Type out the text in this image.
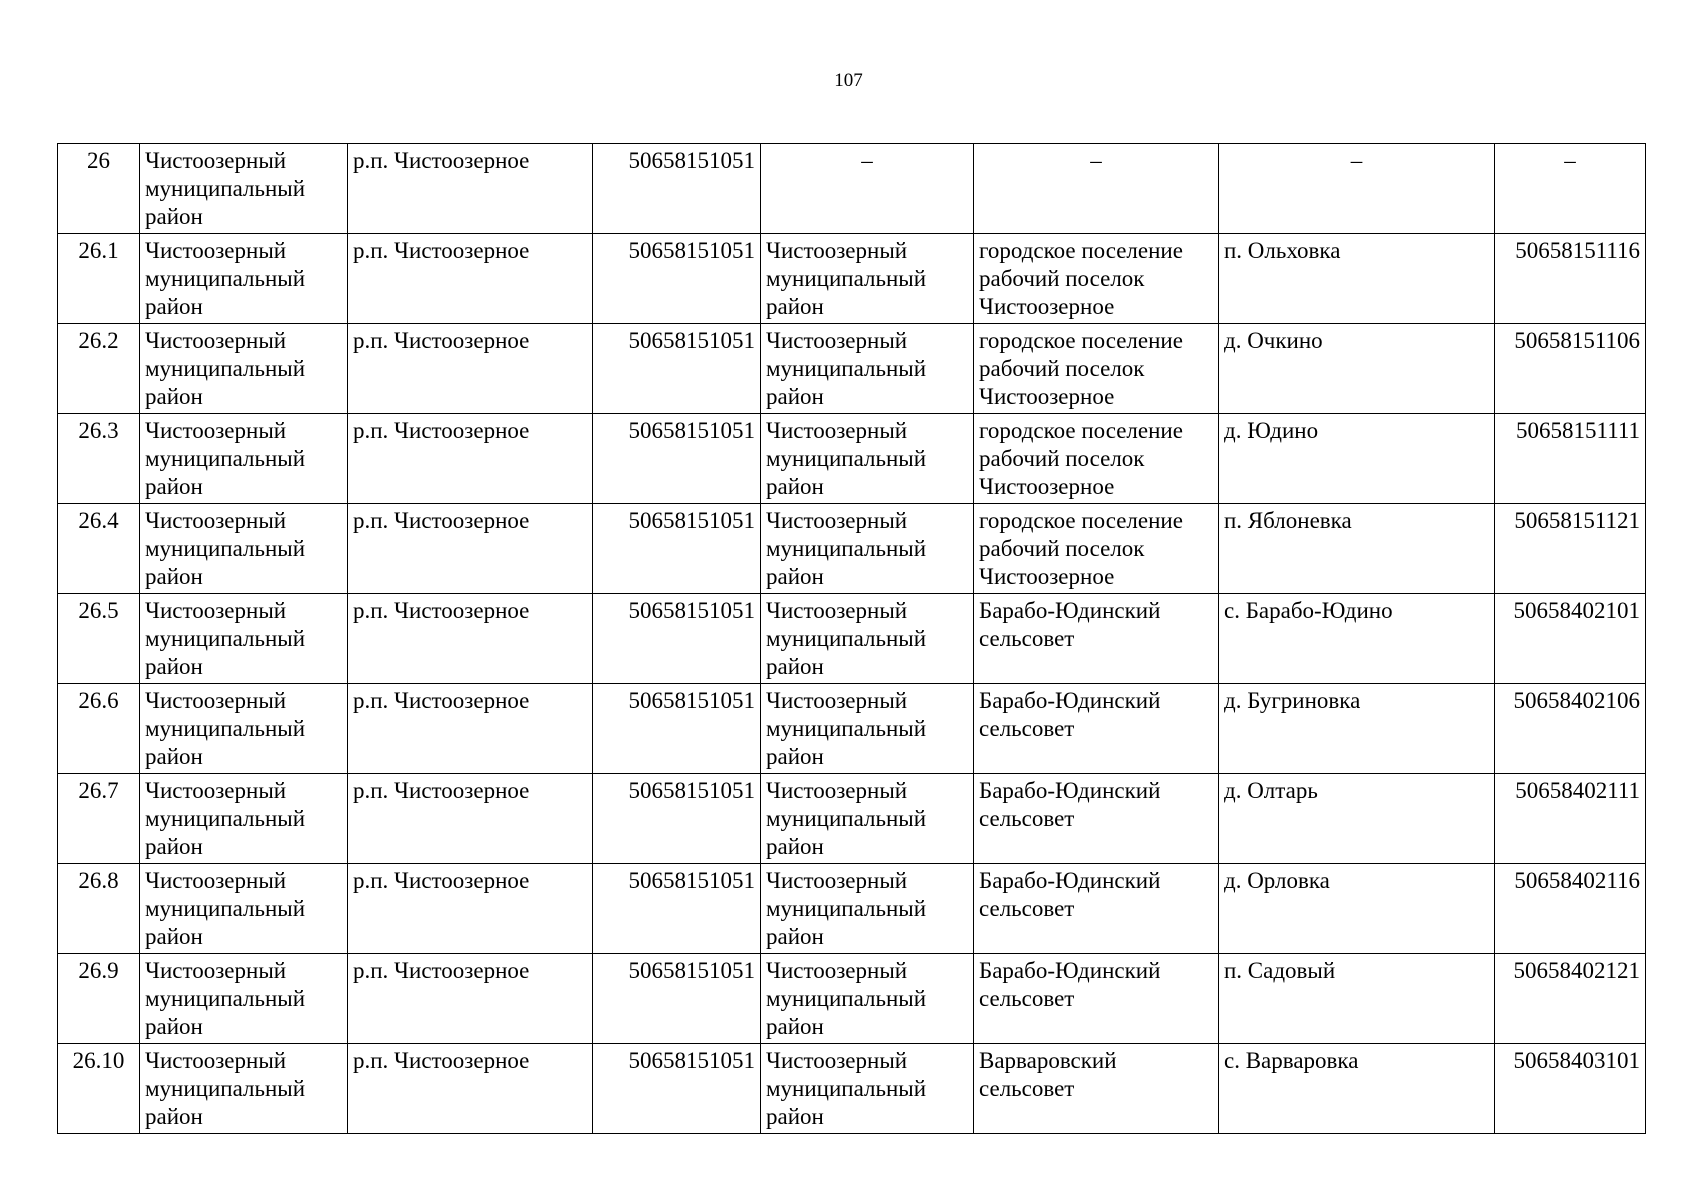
107
26	Чистоозерный муниципальный район	р.п. Чистоозерное	50658151051	–	–	–	–
26.1	Чистоозерный муниципальный район	р.п. Чистоозерное	50658151051	Чистоозерный муниципальный район	городское поселение рабочий поселок Чистоозерное	п. Ольховка	50658151116
26.2	Чистоозерный муниципальный район	р.п. Чистоозерное	50658151051	Чистоозерный муниципальный район	городское поселение рабочий поселок Чистоозерное	д. Очкино	50658151106
26.3	Чистоозерный муниципальный район	р.п. Чистоозерное	50658151051	Чистоозерный муниципальный район	городское поселение рабочий поселок Чистоозерное	д. Юдино	50658151111
26.4	Чистоозерный муниципальный район	р.п. Чистоозерное	50658151051	Чистоозерный муниципальный район	городское поселение рабочий поселок Чистоозерное	п. Яблоневка	50658151121
26.5	Чистоозерный муниципальный район	р.п. Чистоозерное	50658151051	Чистоозерный муниципальный район	Барабо-Юдинский сельсовет	с. Барабо-Юдино	50658402101
26.6	Чистоозерный муниципальный район	р.п. Чистоозерное	50658151051	Чистоозерный муниципальный район	Барабо-Юдинский сельсовет	д. Бугриновка	50658402106
26.7	Чистоозерный муниципальный район	р.п. Чистоозерное	50658151051	Чистоозерный муниципальный район	Барабо-Юдинский сельсовет	д. Олтарь	50658402111
26.8	Чистоозерный муниципальный район	р.п. Чистоозерное	50658151051	Чистоозерный муниципальный район	Барабо-Юдинский сельсовет	д. Орловка	50658402116
26.9	Чистоозерный муниципальный район	р.п. Чистоозерное	50658151051	Чистоозерный муниципальный район	Барабо-Юдинский сельсовет	п. Садовый	50658402121
26.10	Чистоозерный муниципальный район	р.п. Чистоозерное	50658151051	Чистоозерный муниципальный район	Варваровский сельсовет	с. Варваровка	50658403101
